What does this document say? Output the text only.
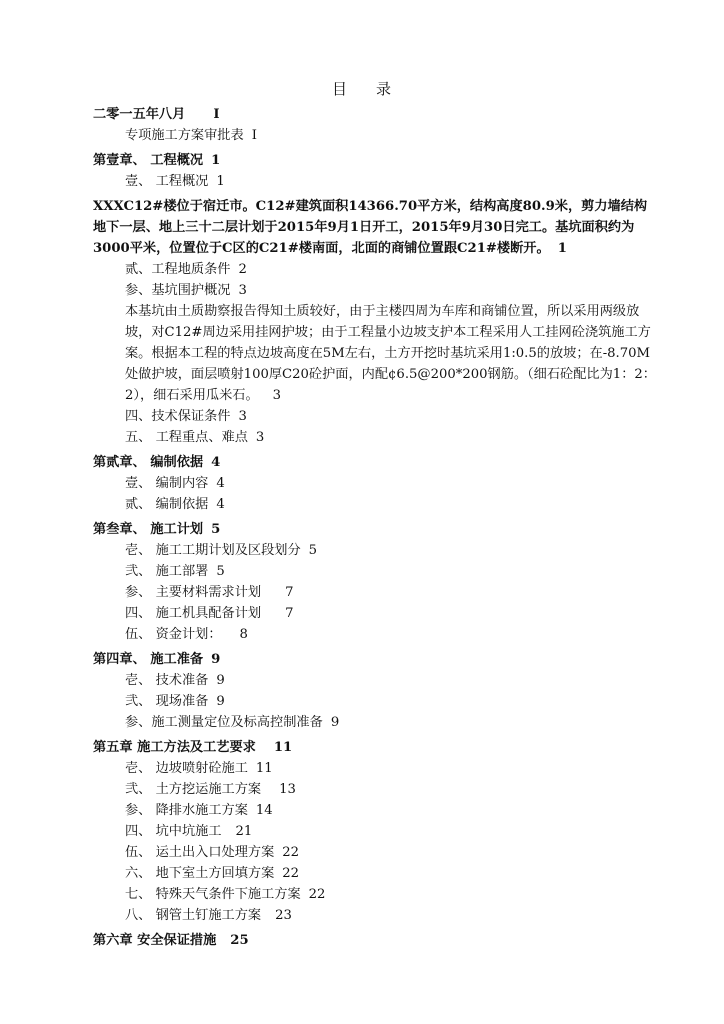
目 录
二零一五年八月 I
专项施工方案审批表 I
第壹章、 工程概况 1
壹、 工程概况 1
XXXC12#楼位于宿迁市。C12#建筑面积14366.70平方米，结构高度80.9米，剪力墙结构地下一层、地上三十二层计划于2015年9月1日开工，2015年9月30日完工。基坑面积约为3000平米，位置位于C区的C21#楼南面，北面的商铺位置跟C21#楼断开。 1
贰、工程地质条件 2
参、基坑围护概况 3
本基坑由土质勘察报告得知土质较好，由于主楼四周为车库和商铺位置，所以采用两级放坡，对C12#周边采用挂网护坡；由于工程量小边坡支护本工程采用人工挂网砼浇筑施工方案。根据本工程的特点边坡高度在5M左右，土方开挖时基坑采用1:0.5的放坡；在-8.70M处做护坡，面层喷射100厚C20砼护面，内配¢6.5@200*200钢筋。（细石砼配比为1：2：2），细石采用瓜米石。 3
四、技术保证条件 3
五、 工程重点、难点 3
第贰章、 编制依据 4
壹、 编制内容 4
贰、 编制依据 4
第叁章、 施工计划 5
壱、 施工工期计划及区段划分 5
弐、 施工部署 5
参、 主要材料需求计划 7
四、 施工机具配备计划 7
伍、 资金计划： 8
第四章、 施工准备 9
壱、 技术准备 9
弐、 现场准备 9
参、施工测量定位及标高控制准备 9
第五章 施工方法及工艺要求 11
壱、 边坡喷射砼施工 11
弐、 土方挖运施工方案 13
参、 降排水施工方案 14
四、 坑中坑施工 21
伍、 运土出入口处理方案 22
六、 地下室土方回填方案 22
七、 特殊天气条件下施工方案 22
八、 钢管土钉施工方案 23
第六章 安全保证措施 25
